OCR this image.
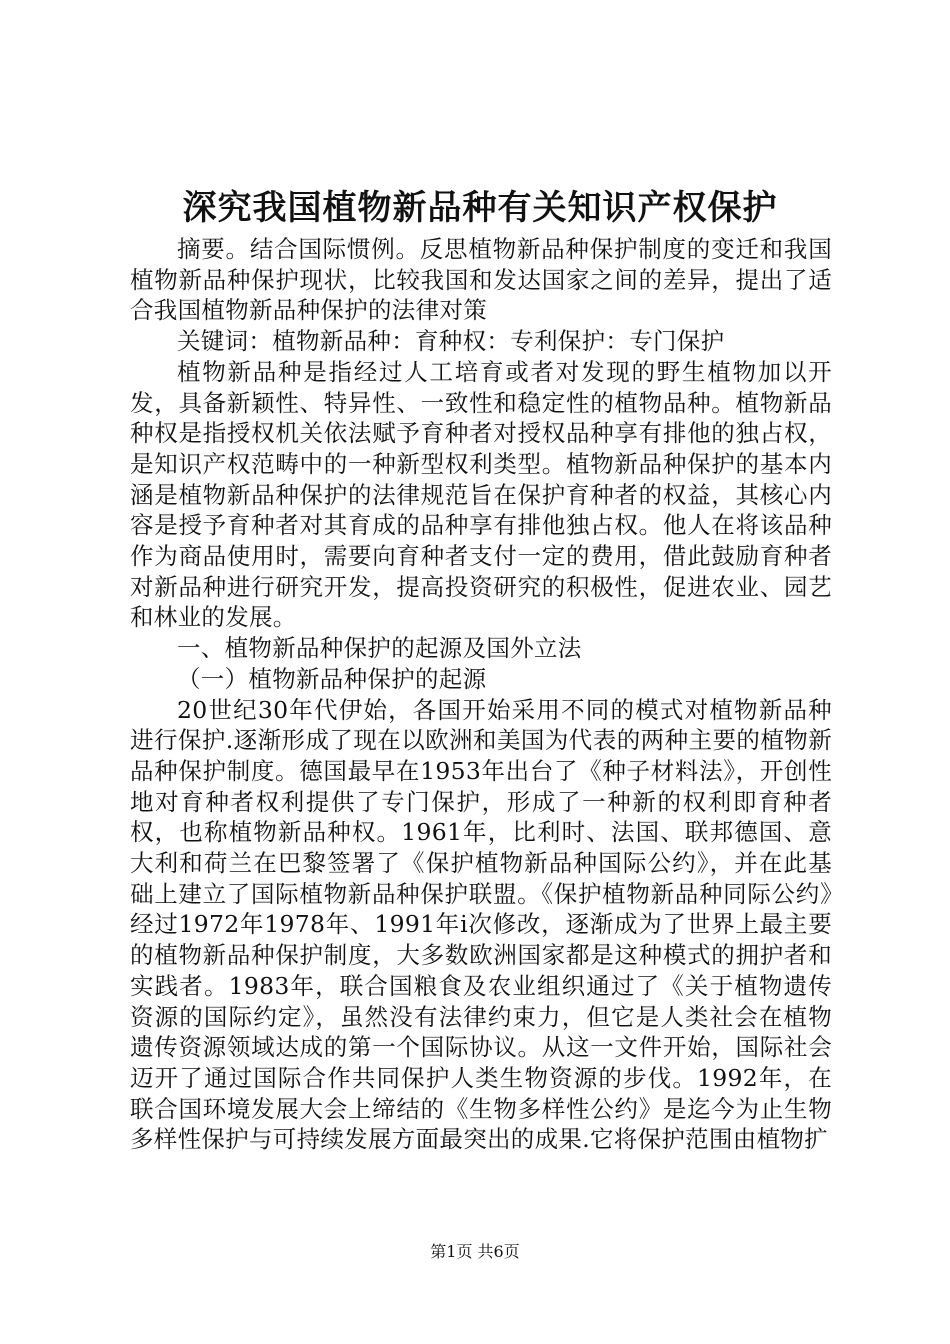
深究我国植物新品种有关知识产权保护

摘要。结合国际惯例。反思植物新品种保护制度的变迁和我国植物新品种保护现状，比较我国和发达国家之间的差异，提出了适合我国植物新品种保护的法律对策

关键词：植物新品种：育种权：专利保护：专门保护

植物新品种是指经过人工培育或者对发现的野生植物加以开发，具备新颖性、特异性、一致性和稳定性的植物品种。植物新品种权是指授权机关依法赋予育种者对授权品种享有排他的独占权，是知识产权范畴中的一种新型权利类型。植物新品种保护的基本内涵是植物新品种保护的法律规范旨在保护育种者的权益，其核心内容是授予育种者对其育成的品种享有排他独占权。他人在将该品种作为商品使用时，需要向育种者支付一定的费用，借此鼓励育种者对新品种进行研究开发，提高投资研究的积极性，促进农业、园艺和林业的发展。

一、植物新品种保护的起源及国外立法

（一）植物新品种保护的起源

20世纪30年代伊始，各国开始采用不同的模式对植物新品种进行保护.逐渐形成了现在以欧洲和美国为代表的两种主要的植物新品种保护制度。德国最早在1953年出台了《种子材料法》，开创性地对育种者权利提供了专门保护，形成了一种新的权利即育种者权，也称植物新品种权。1961年，比利时、法国、联邦德国、意大利和荷兰在巴黎签署了《保护植物新品种国际公约》，并在此基础上建立了国际植物新品种保护联盟。《保护植物新品种同际公约》经过1972年1978年、1991年i次修改，逐渐成为了世界上最主要的植物新品种保护制度，大多数欧洲国家都是这种模式的拥护者和实践者。1983年，联合国粮食及农业组织通过了《关于植物遗传资源的国际约定》，虽然没有法律约束力，但它是人类社会在植物遗传资源领域达成的第一个国际协议。从这一文件开始，国际社会迈开了通过国际合作共同保护人类生物资源的步伐。1992年，在联合国环境发展大会上缔结的《生物多样性公约》是迄今为止生物多样性保护与可持续发展方面最突出的成果.它将保护范围由植物扩

第1页 共6页
